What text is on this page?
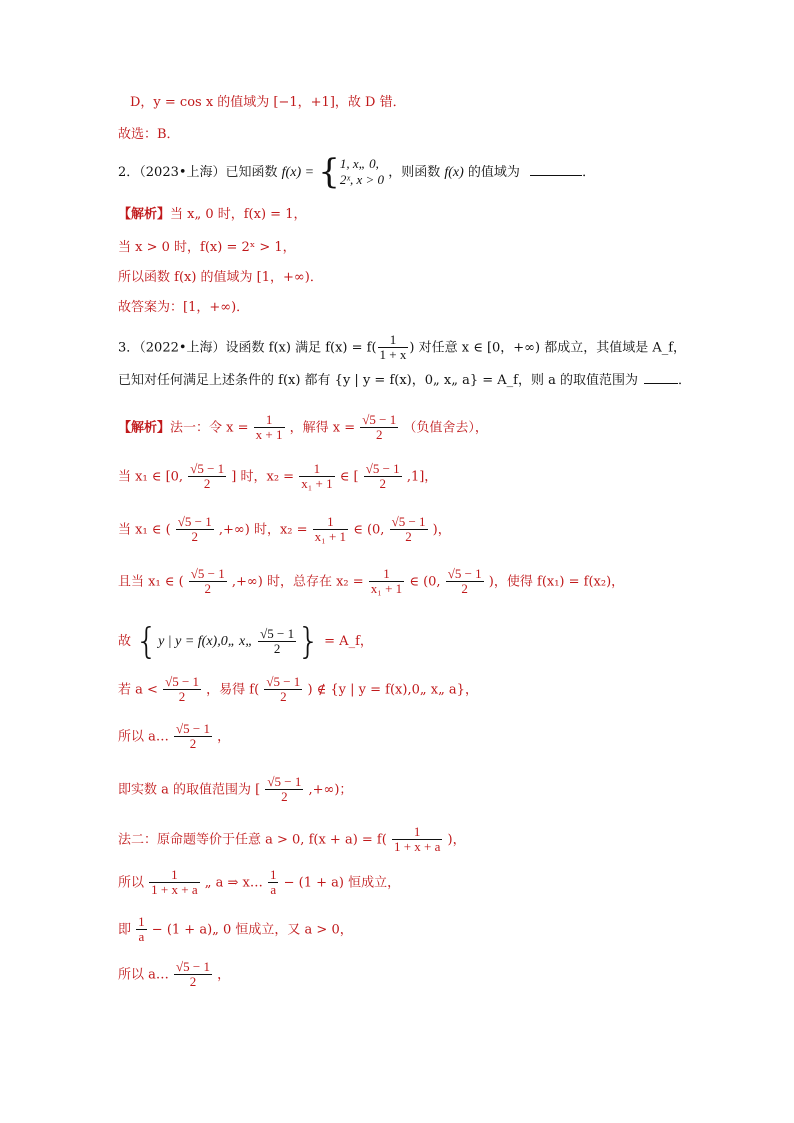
D，y = cos x 的值域为 [−1，+1]，故 D 错．
故选：B．
2．（2023•上海）已知函数 f(x) = { 1, x„ 0,
2ˣ, x > 0 ，则函数 f(x) 的值域为	．
【解析】当 x„ 0 时，f(x) = 1，
当 x > 0 时，f(x) = 2ˣ > 1，
所以函数 f(x) 的值域为 [1，+∞)．
故答案为：[1，+∞)．
3．（2022•上海）设函数 f(x) 满足 $f(x) = f( \frac{1}{1 + x}$ ) 对任意 x ∈ [0，+∞) 都成立，其值域是 A_f，
已知对任何满足上述条件的 f(x) 都有 {y | y = f(x)，0„ x„ a} = A_f，则 a 的取值范围为	．
【解析】法一：令 $x = \frac{1}{x + 1}$ ，解得 $x = \frac{√5 - 1}{2}$ （负值舍去），
当 x₁ ∈ [0, $\frac{√5 - 1}{2}$ ] 时，$x_2 = \frac{1}{\text{x₁ + 1}}$ ∈ [ $\frac{√5 - 1}{2} ,1$]，
当 x₁ ∈ ( $\frac{√5 - 1}{2}$ ,+∞) 时，$x_2 = \frac{1}{\text{x₁ + 1}}$ ∈ (0, $\frac{√5 - 1}{2}$ )，
且当 x₁ ∈ ( $\frac{√5 - 1}{2}$ ,+∞) 时，总存在 $x_2 = \frac{1}{\text{x₁ + 1}}$ ∈ (0, $\frac{√5 - 1}{2}$ )，使得 f(x₁) = f(x₂)，
故 {y | y = f(x),0„ x„ $\frac{√5 - 1}{2}$ } = A_f，
若 $a < \frac{√5 - 1}{2}$ ，易得 $f( \frac{√5 - 1}{2}$ ) ∉ {y | y = f(x),0„ x„ a}，
所以 a… $\frac{√5 - 1}{2}$ ，
即实数 a 的取值范围为 [ $\frac{√5 - 1}{2}$ ,+∞)；
法二：原命题等价于任意 a > 0, $f(x + a) = f( \frac{1}{1 + x + a}$ )，
所以 $\frac{1}{1 + x + a}$ „ a ⇒ x… $\frac{1}{a} - (1 + a)$ 恒成立，
即 $\frac{1}{a} - (1$ + a)„ 0 恒成立，又 a > 0，
所以 a… $\frac{√5 - 1}{2}$ ，
